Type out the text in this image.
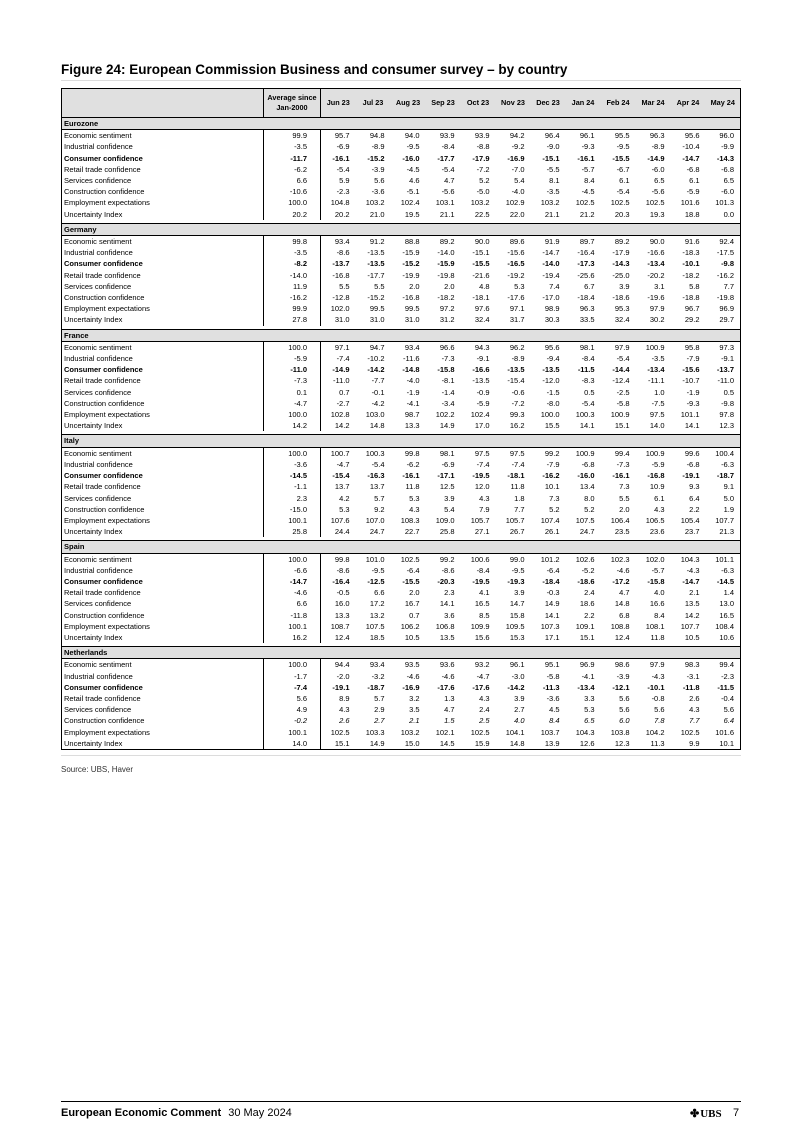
Figure 24: European Commission Business and consumer survey – by country
	Average since Jan-2000	Jun 23	Jul 23	Aug 23	Sep 23	Oct 23	Nov 23	Dec 23	Jan 24	Feb 24	Mar 24	Apr 24	May 24
Eurozone													
Economic sentiment	99.9	95.7	94.8	94.0	93.9	93.9	94.2	96.4	96.1	95.5	96.3	95.6	96.0
Industrial confidence	-3.5	-6.9	-8.9	-9.5	-8.4	-8.8	-9.2	-9.0	-9.3	-9.5	-8.9	-10.4	-9.9
Consumer confidence	-11.7	-16.1	-15.2	-16.0	-17.7	-17.9	-16.9	-15.1	-16.1	-15.5	-14.9	-14.7	-14.3
Retail trade confidence	-6.2	-5.4	-3.9	-4.5	-5.4	-7.2	-7.0	-5.5	-5.7	-6.7	-6.0	-6.8	-6.8
Services confidence	6.6	5.9	5.6	4.6	4.7	5.2	5.4	8.1	8.4	6.1	6.5	6.1	6.5
Construction confidence	-10.6	-2.3	-3.6	-5.1	-5.6	-5.0	-4.0	-3.5	-4.5	-5.4	-5.6	-5.9	-6.0
Employment expectations	100.0	104.8	103.2	102.4	103.1	103.2	102.9	103.2	102.5	102.5	102.5	101.6	101.3
Uncertainty Index	20.2	20.2	21.0	19.5	21.1	22.5	22.0	21.1	21.2	20.3	19.3	18.8	0.0

Germany													
Economic sentiment	99.8	93.4	91.2	88.8	89.2	90.0	89.6	91.9	89.7	89.2	90.0	91.6	92.4
Industrial confidence	-3.5	-8.6	-13.5	-15.9	-14.0	-15.1	-15.6	-14.7	-16.4	-17.9	-16.6	-18.3	-17.5
Consumer confidence	-8.2	-13.7	-13.5	-15.2	-15.9	-15.5	-16.5	-14.0	-17.3	-14.3	-13.4	-10.1	-9.8
Retail trade confidence	-14.0	-16.8	-17.7	-19.9	-19.8	-21.6	-19.2	-19.4	-25.6	-25.0	-20.2	-18.2	-16.2
Services confidence	11.9	5.5	5.5	2.0	2.0	4.8	5.3	7.4	6.7	3.9	3.1	5.8	7.7
Construction confidence	-16.2	-12.8	-15.2	-16.8	-18.2	-18.1	-17.6	-17.0	-18.4	-18.6	-19.6	-18.8	-19.8
Employment expectations	99.9	102.0	99.5	99.5	97.2	97.6	97.1	98.9	96.3	95.3	97.9	96.7	96.9
Uncertainty Index	27.8	31.0	31.0	31.0	31.2	32.4	31.7	30.3	33.5	32.4	30.2	29.2	29.7

France													
Economic sentiment	100.0	97.1	94.7	93.4	96.6	94.3	96.2	95.6	98.1	97.9	100.9	95.8	97.3
Industrial confidence	-5.9	-7.4	-10.2	-11.6	-7.3	-9.1	-8.9	-9.4	-8.4	-5.4	-3.5	-7.9	-9.1
Consumer confidence	-11.0	-14.9	-14.2	-14.8	-15.8	-16.6	-13.5	-13.5	-11.5	-14.4	-13.4	-15.6	-13.7
Retail trade confidence	-7.3	-11.0	-7.7	-4.0	-8.1	-13.5	-15.4	-12.0	-8.3	-12.4	-11.1	-10.7	-11.0
Services confidence	0.1	0.7	-0.1	-1.9	-1.4	-0.9	-0.6	-1.5	0.5	-2.5	1.0	-1.9	0.5
Construction confidence	-4.7	-2.7	-4.2	-4.1	-3.4	-5.9	-7.2	-8.0	-5.4	-5.8	-7.5	-9.3	-9.8
Employment expectations	100.0	102.8	103.0	98.7	102.2	102.4	99.3	100.0	100.3	100.9	97.5	101.1	97.8
Uncertainty Index	14.2	14.2	14.8	13.3	14.9	17.0	16.2	15.5	14.1	15.1	14.0	14.1	12.3

Italy													
Economic sentiment	100.0	100.7	100.3	99.8	98.1	97.5	97.5	99.2	100.9	99.4	100.9	99.6	100.4
Industrial confidence	-3.6	-4.7	-5.4	-6.2	-6.9	-7.4	-7.4	-7.9	-6.8	-7.3	-5.9	-6.8	-6.3
Consumer confidence	-14.5	-15.4	-16.3	-16.1	-17.1	-19.5	-18.1	-16.2	-16.0	-16.1	-16.8	-19.1	-18.7
Retail trade confidence	-1.1	13.7	13.7	11.8	12.5	12.0	11.8	10.1	13.4	7.3	10.9	9.3	9.1
Services confidence	2.3	4.2	5.7	5.3	3.9	4.3	1.8	7.3	8.0	5.5	6.1	6.4	5.0
Construction confidence	-15.0	5.3	9.2	4.3	5.4	7.9	7.7	5.2	5.2	2.0	4.3	2.2	1.9
Employment expectations	100.1	107.6	107.0	108.3	109.0	105.7	105.7	107.4	107.5	106.4	106.5	105.4	107.7
Uncertainty Index	25.8	24.4	24.7	22.7	25.8	27.1	26.7	26.1	24.7	23.5	23.6	23.7	21.3

Spain													
Economic sentiment	100.0	99.8	101.0	102.5	99.2	100.6	99.0	101.2	102.6	102.3	102.0	104.3	101.1
Industrial confidence	-6.6	-8.6	-9.5	-6.4	-8.6	-8.4	-9.5	-6.4	-5.2	-4.6	-5.7	-4.3	-6.3
Consumer confidence	-14.7	-16.4	-12.5	-15.5	-20.3	-19.5	-19.3	-18.4	-18.6	-17.2	-15.8	-14.7	-14.5
Retail trade confidence	-4.6	-0.5	6.6	2.0	2.3	4.1	3.9	-0.3	2.4	4.7	4.0	2.1	1.4
Services confidence	6.6	16.0	17.2	16.7	14.1	16.5	14.7	14.9	18.6	14.8	16.6	13.5	13.0
Construction confidence	-11.8	13.3	13.2	0.7	3.6	8.5	15.8	14.1	2.2	6.8	8.4	14.2	16.5
Employment expectations	100.1	108.7	107.5	106.2	106.8	109.9	109.5	107.3	109.1	108.8	108.1	107.7	108.4
Uncertainty Index	16.2	12.4	18.5	10.5	13.5	15.6	15.3	17.1	15.1	12.4	11.8	10.5	10.6

Netherlands													
Economic sentiment	100.0	94.4	93.4	93.5	93.6	93.2	96.1	95.1	96.9	98.6	97.9	98.3	99.4
Industrial confidence	-1.7	-2.0	-3.2	-4.6	-4.6	-4.7	-3.0	-5.8	-4.1	-3.9	-4.3	-3.1	-2.3
Consumer confidence	-7.4	-19.1	-18.7	-16.9	-17.6	-17.6	-14.2	-11.3	-13.4	-12.1	-10.1	-11.8	-11.5
Retail trade confidence	5.6	8.9	5.7	3.2	1.3	4.3	3.9	-3.6	3.3	5.6	-0.8	2.6	-0.4
Services confidence	4.9	4.3	2.9	3.5	4.7	2.4	2.7	4.5	5.3	5.6	5.6	4.3	5.6
Construction confidence	-0.2	2.6	2.7	2.1	1.5	2.5	4.0	8.4	6.5	6.0	7.8	7.7	6.4
Employment expectations	100.1	102.5	103.3	103.2	102.1	102.5	104.1	103.7	104.3	103.8	104.2	102.5	101.6
Uncertainty Index	14.0	15.1	14.9	15.0	14.5	15.9	14.8	13.9	12.6	12.3	11.3	9.9	10.1
Source: UBS, Haver
European Economic Comment 30 May 2024	✤UBS 7
